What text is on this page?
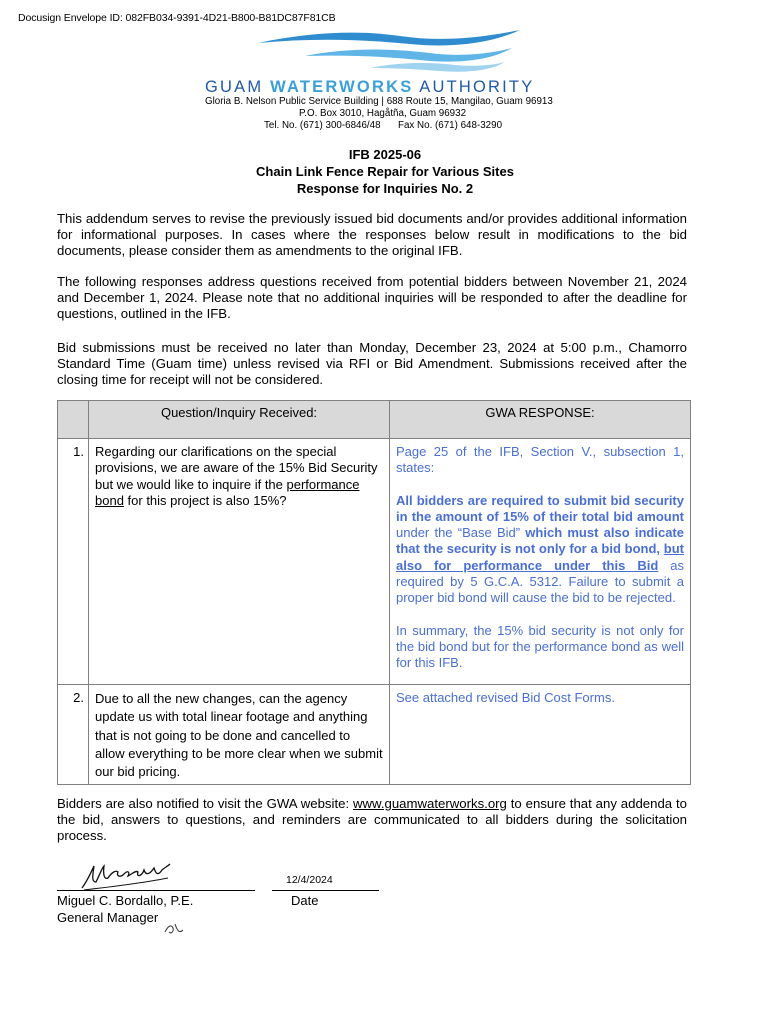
Docusign Envelope ID: 082FB034-9391-4D21-B800-B81DC87F81CB
GUAM WATERWORKS AUTHORITY
Gloria B. Nelson Public Service Building | 688 Route 15, Mangilao, Guam 96913
P.O. Box 3010, Hagåtña, Guam 96932
Tel. No. (671) 300-6846/48 Fax No. (671) 648-3290
IFB 2025-06
Chain Link Fence Repair for Various Sites
Response for Inquiries No. 2
This addendum serves to revise the previously issued bid documents and/or provides additional information for informational purposes. In cases where the responses below result in modifications to the bid documents, please consider them as amendments to the original IFB.
The following responses address questions received from potential bidders between November 21, 2024 and December 1, 2024. Please note that no additional inquiries will be responded to after the deadline for questions, outlined in the IFB.
Bid submissions must be received no later than Monday, December 23, 2024 at 5:00 p.m., Chamorro Standard Time (Guam time) unless revised via RFI or Bid Amendment. Submissions received after the closing time for receipt will not be considered.
	Question/Inquiry Received:	GWA RESPONSE:
1.	Regarding our clarifications on the special provisions, we are aware of the 15% Bid Security but we would like to inquire if the performance bond for this project is also 15%?	Page 25 of the IFB, Section V., subsection 1, states:
All bidders are required to submit bid security in the amount of 15% of their total bid amount under the “Base Bid” which must also indicate that the security is not only for a bid bond, but also for performance under this Bid as required by 5 G.C.A. 5312. Failure to submit a proper bid bond will cause the bid to be rejected.
In summary, the 15% bid security is not only for the bid bond but for the performance bond as well for this IFB.

2.	Due to all the new changes, can the agency update us with total linear footage and anything that is not going to be done and cancelled to allow everything to be more clear when we submit our bid pricing.	See attached revised Bid Cost Forms.
Bidders are also notified to visit the GWA website: www.guamwaterworks.org to ensure that any addenda to the bid, answers to questions, and reminders are communicated to all bidders during the solicitation process.
12/4/2024
Miguel C. Bordallo, P.E.	Date
General Manager
